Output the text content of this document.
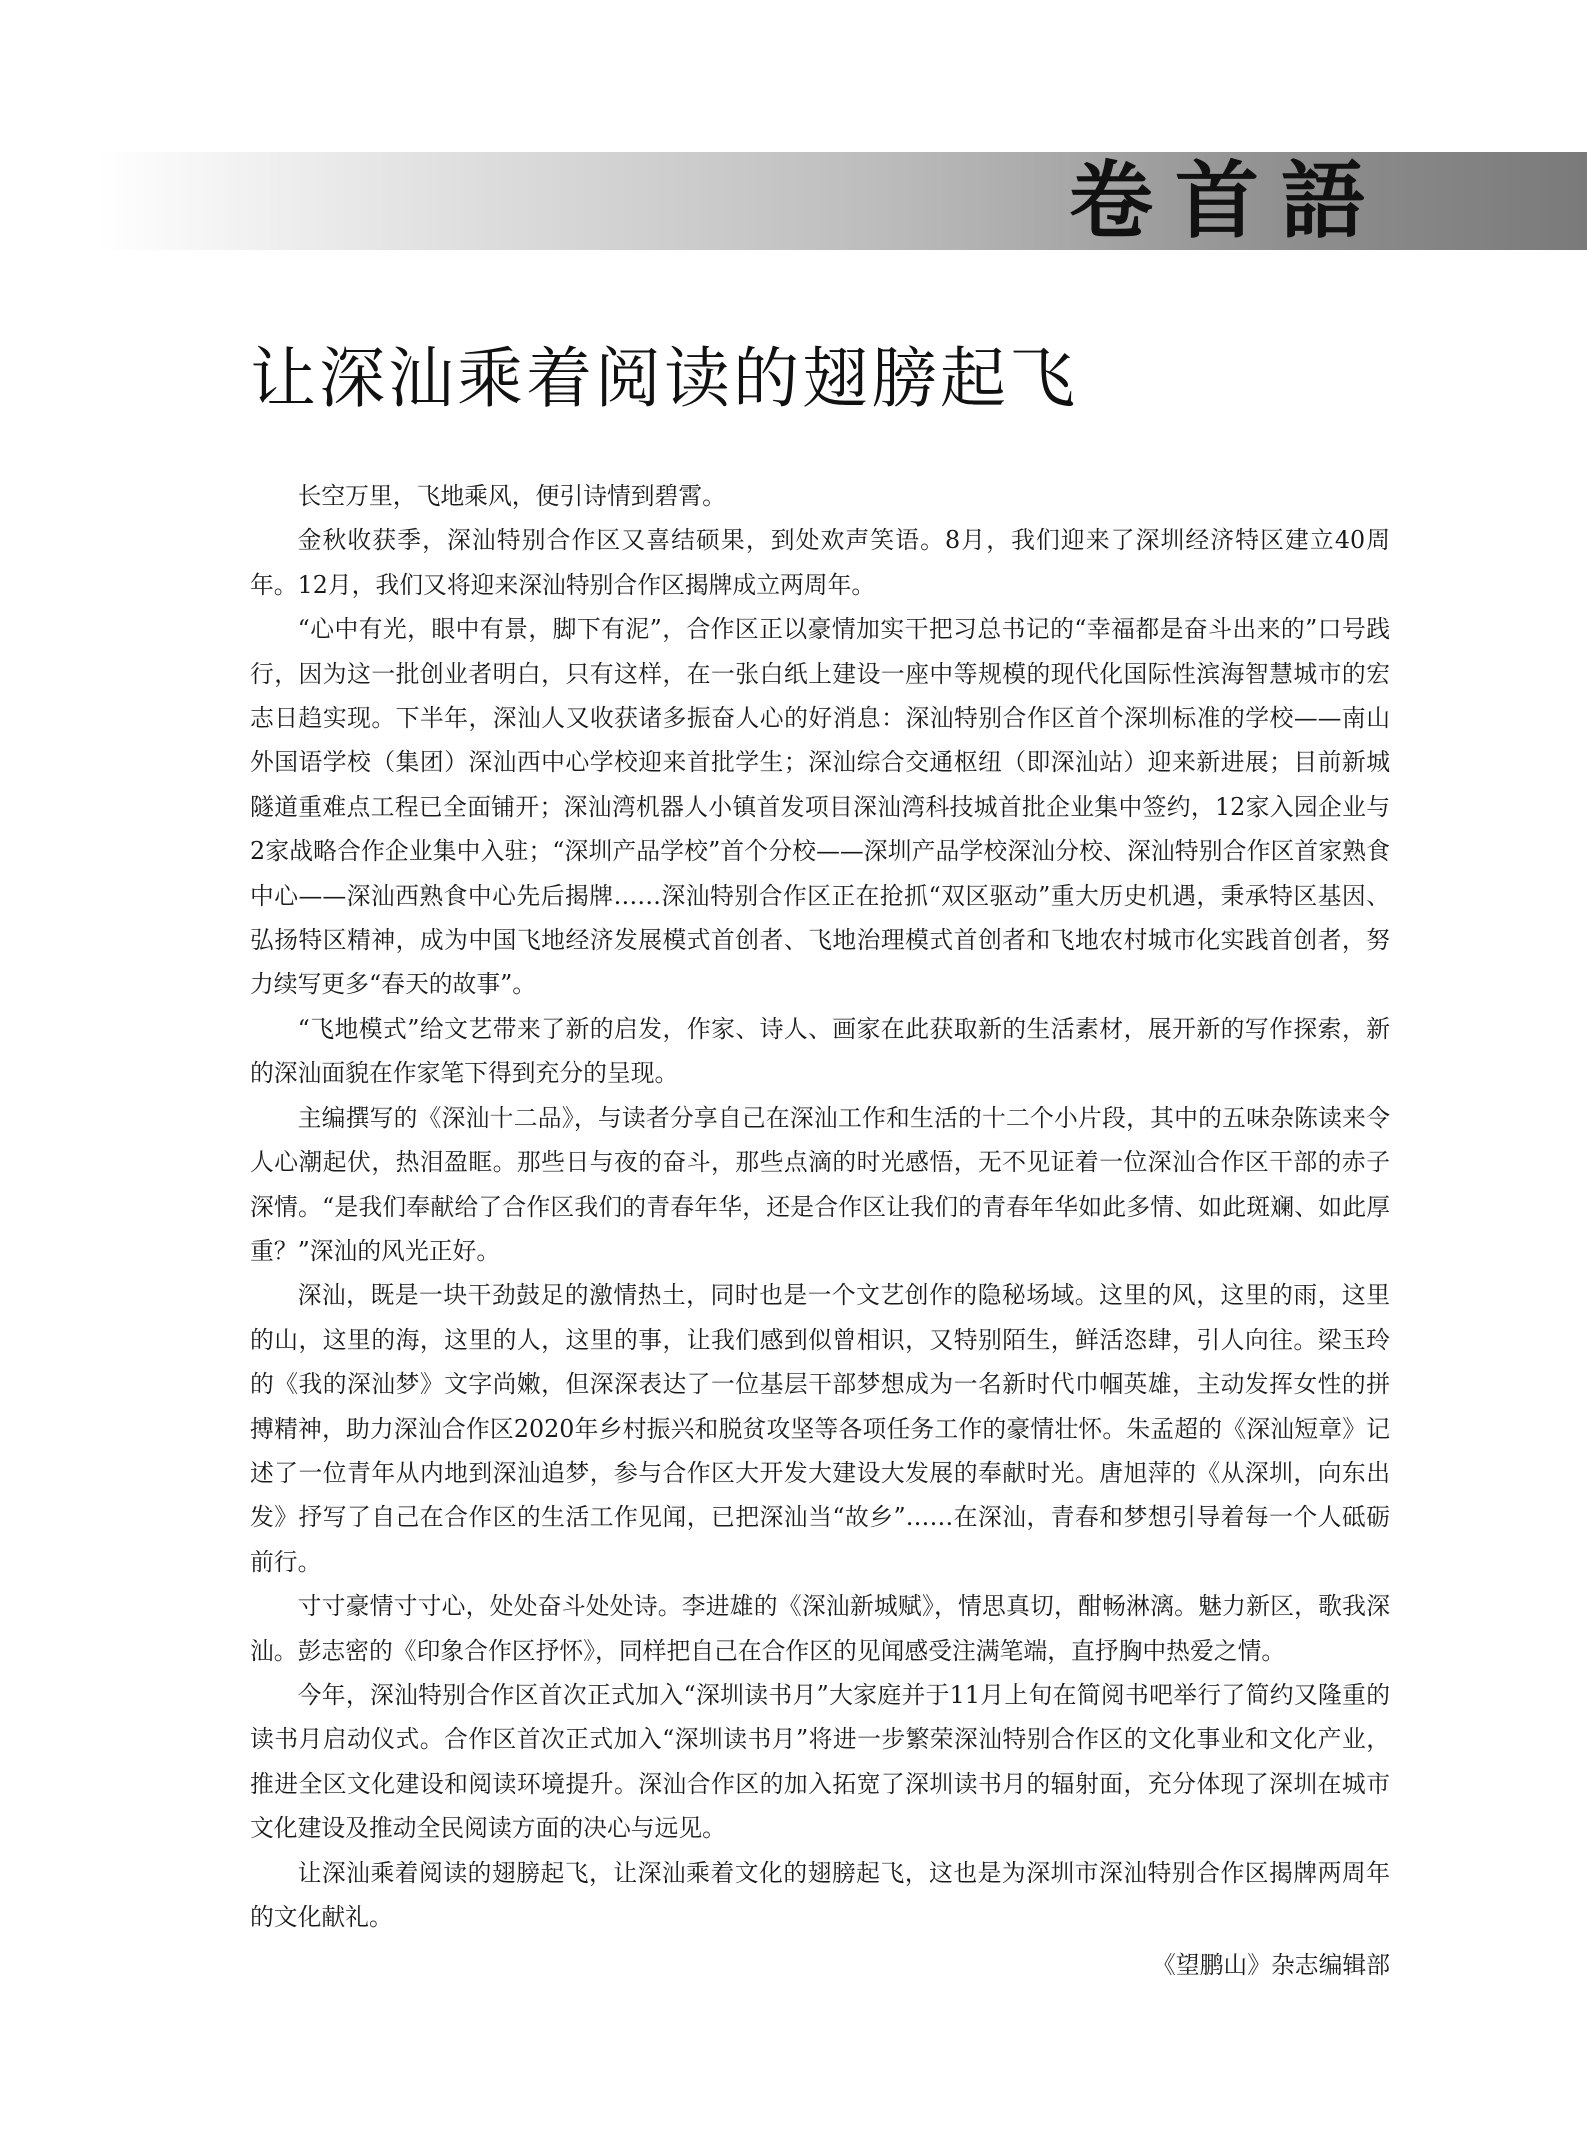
卷首語
让深汕乘着阅读的翅膀起飞

长空万里，飞地乘风，便引诗情到碧霄。

金秋收获季，深汕特别合作区又喜结硕果，到处欢声笑语。8月，我们迎来了深圳经济特区建立40周年。12月，我们又将迎来深汕特别合作区揭牌成立两周年。

“心中有光，眼中有景，脚下有泥”，合作区正以豪情加实干把习总书记的“幸福都是奋斗出来的”口号践行，因为这一批创业者明白，只有这样，在一张白纸上建设一座中等规模的现代化国际性滨海智慧城市的宏志日趋实现。下半年，深汕人又收获诸多振奋人心的好消息：深汕特别合作区首个深圳标准的学校——南山外国语学校（集团）深汕西中心学校迎来首批学生；深汕综合交通枢纽（即深汕站）迎来新进展；目前新城隧道重难点工程已全面铺开；深汕湾机器人小镇首发项目深汕湾科技城首批企业集中签约，12家入园企业与2家战略合作企业集中入驻；“深圳产品学校”首个分校——深圳产品学校深汕分校、深汕特别合作区首家熟食中心——深汕西熟食中心先后揭牌……深汕特别合作区正在抢抓“双区驱动”重大历史机遇，秉承特区基因、弘扬特区精神，成为中国飞地经济发展模式首创者、飞地治理模式首创者和飞地农村城市化实践首创者，努力续写更多“春天的故事”。

“飞地模式”给文艺带来了新的启发，作家、诗人、画家在此获取新的生活素材，展开新的写作探索，新的深汕面貌在作家笔下得到充分的呈现。

主编撰写的《深汕十二品》，与读者分享自己在深汕工作和生活的十二个小片段，其中的五味杂陈读来令人心潮起伏，热泪盈眶。那些日与夜的奋斗，那些点滴的时光感悟，无不见证着一位深汕合作区干部的赤子深情。“是我们奉献给了合作区我们的青春年华，还是合作区让我们的青春年华如此多情、如此斑斓、如此厚重？”深汕的风光正好。

深汕，既是一块干劲鼓足的激情热土，同时也是一个文艺创作的隐秘场域。这里的风，这里的雨，这里的山，这里的海，这里的人，这里的事，让我们感到似曾相识，又特别陌生，鲜活恣肆，引人向往。梁玉玲的《我的深汕梦》文字尚嫩，但深深表达了一位基层干部梦想成为一名新时代巾帼英雄，主动发挥女性的拼搏精神，助力深汕合作区2020年乡村振兴和脱贫攻坚等各项任务工作的豪情壮怀。朱孟超的《深汕短章》记述了一位青年从内地到深汕追梦，参与合作区大开发大建设大发展的奉献时光。唐旭萍的《从深圳，向东出发》抒写了自己在合作区的生活工作见闻，已把深汕当“故乡”……在深汕，青春和梦想引导着每一个人砥砺前行。

寸寸豪情寸寸心，处处奋斗处处诗。李进雄的《深汕新城赋》，情思真切，酣畅淋漓。魅力新区，歌我深汕。彭志密的《印象合作区抒怀》，同样把自己在合作区的见闻感受注满笔端，直抒胸中热爱之情。

今年，深汕特别合作区首次正式加入“深圳读书月”大家庭并于11月上旬在简阅书吧举行了简约又隆重的读书月启动仪式。合作区首次正式加入“深圳读书月”将进一步繁荣深汕特别合作区的文化事业和文化产业，推进全区文化建设和阅读环境提升。深汕合作区的加入拓宽了深圳读书月的辐射面，充分体现了深圳在城市文化建设及推动全民阅读方面的决心与远见。

让深汕乘着阅读的翅膀起飞，让深汕乘着文化的翅膀起飞，这也是为深圳市深汕特别合作区揭牌两周年的文化献礼。

《望鹏山》杂志编辑部
